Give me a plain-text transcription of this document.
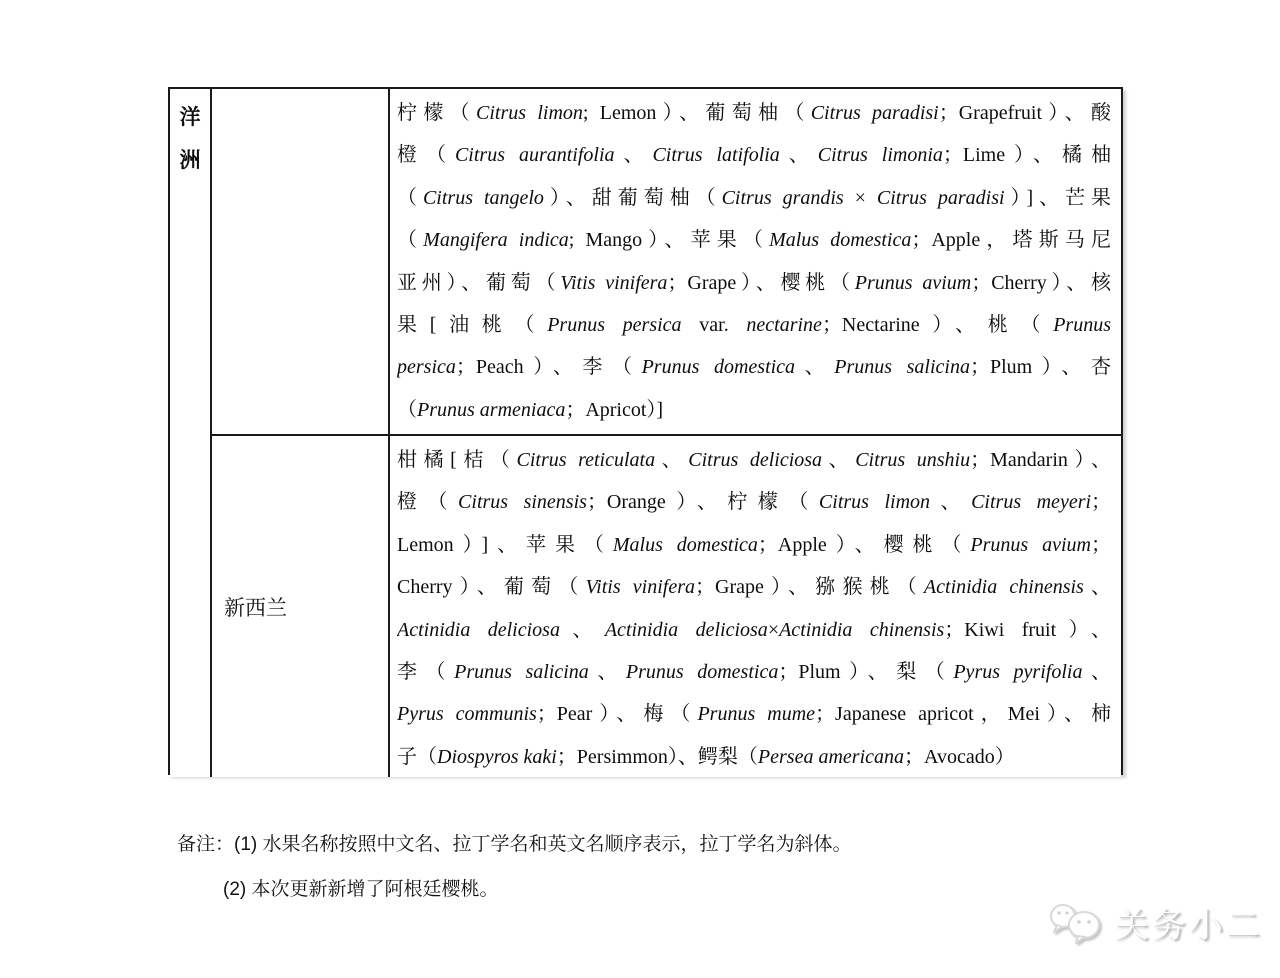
洋洲
柠檬（Citrus limon; Lemon）、葡萄柚（Citrus paradisi；Grapefruit）、酸
橙（Citrus aurantifolia、Citrus latifolia、Citrus limonia；Lime）、橘柚
（Citrus tangelo）、甜葡萄柚（Citrus grandis × Citrus paradisi）]、芒果
（Mangifera indica; Mango）、苹果（Malus domestica；Apple，塔斯马尼
亚州）、葡萄（Vitis vinifera；Grape）、樱桃（Prunus avium；Cherry）、核
果[油桃（Prunus persica var. nectarine；Nectarine）、桃（Prunus
persica；Peach）、李（Prunus domestica、Prunus salicina；Plum）、杏
（Prunus armeniaca；Apricot）]
新西兰
柑橘[桔（Citrus reticulata、Citrus deliciosa、Citrus unshiu；Mandarin）、
橙（Citrus sinensis；Orange）、柠檬（Citrus limon、Citrus meyeri；
Lemon）]、苹果（Malus domestica；Apple）、樱桃（Prunus avium；
Cherry）、葡萄（Vitis vinifera；Grape）、猕猴桃（Actinidia chinensis、
Actinidia deliciosa、Actinidia deliciosa×Actinidia chinensis；Kiwi fruit）、
李（Prunus salicina、Prunus domestica；Plum）、梨（Pyrus pyrifolia、
Pyrus communis；Pear）、梅（Prunus mume；Japanese apricot，Mei）、柿
子（Diospyros kaki；Persimmon）、鳄梨（Persea americana；Avocado）
备注：(1) 水果名称按照中文名、拉丁学名和英文名顺序表示，拉丁学名为斜体。
(2) 本次更新新增了阿根廷樱桃。
关务小二
